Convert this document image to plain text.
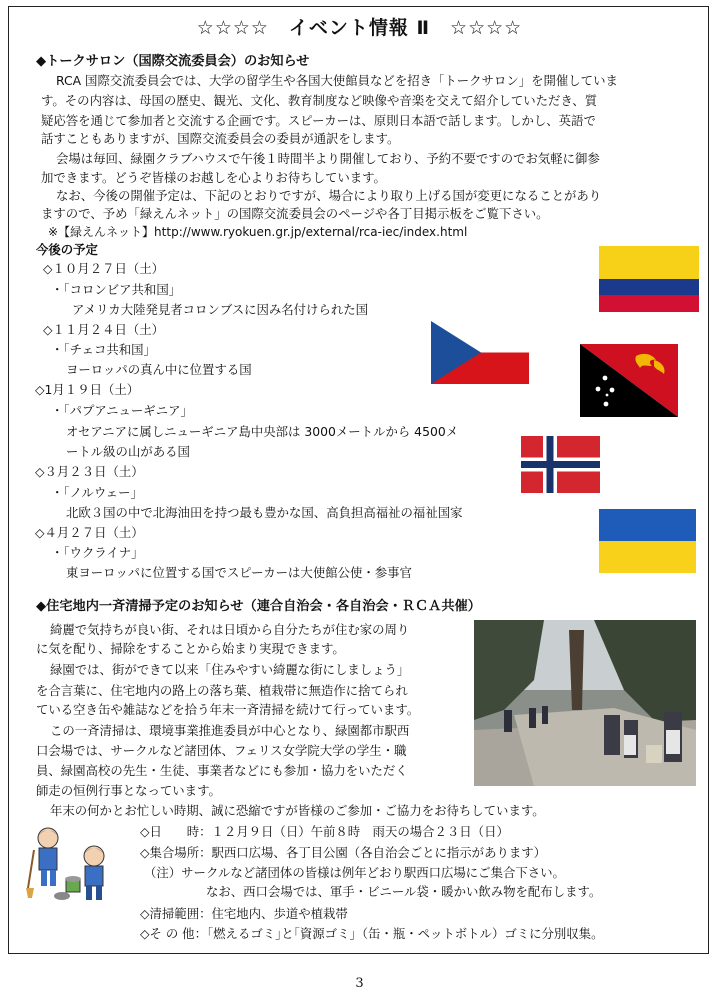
☆☆☆☆　イベント情報 Ⅱ　☆☆☆☆
◆トークサロン（国際交流委員会）のお知らせ
RCA 国際交流委員会では、大学の留学生や各国大使館員などを招き「トークサロン」を開催していま
す。その内容は、母国の歴史、観光、文化、教育制度など映像や音楽を交えて紹介していただき、質
疑応答を通じて参加者と交流する企画です。スピーカーは、原則日本語で話します。しかし、英語で
話すこともありますが、国際交流委員会の委員が通訳をします。
会場は毎回、緑園クラブハウスで午後１時間半より開催しており、予約不要ですのでお気軽に御参
加できます。どうぞ皆様のお越しを心よりお待ちしています。
なお、今後の開催予定は、下記のとおりですが、場合により取り上げる国が変更になることがあり
ますので、予め「緑えんネット」の国際交流委員会のページや各丁目掲示板をご覧下さい。
※【緑えんネット】http://www.ryokuen.gr.jp/external/rca-iec/index.html
今後の予定
◇１０月２７日（土）
・「コロンビア共和国」
アメリカ大陸発見者コロンブスに因み名付けられた国
◇１１月２４日（土）
・「チェコ共和国」
ヨーロッパの真ん中に位置する国
◇1月１９日（土）
・「パプアニューギニア」
オセアニアに属しニューギニア島中央部は 3000メートルから 4500メ
ートル級の山がある国
◇３月２３日（土）
・「ノルウェー」
北欧３国の中で北海油田を持つ最も豊かな国、高負担高福祉の福祉国家
◇４月２７日（土）
・「ウクライナ」
東ヨーロッパに位置する国でスピーカーは大使館公使・参事官
◆住宅地内一斉清掃予定のお知らせ（連合自治会・各自治会・ＲＣＡ共催）
綺麗で気持ちが良い街、それは日頃から自分たちが住む家の周り
に気を配り、掃除をすることから始まり実現できます。
緑園では、街ができて以来「住みやすい綺麗な街にしましょう」
を合言葉に、住宅地内の路上の落ち葉、植栽帯に無造作に捨てられ
ている空き缶や雑誌などを拾う年末一斉清掃を続けて行っています。
この一斉清掃は、環境事業推進委員が中心となり、緑園都市駅西
口会場では、サークルなど諸団体、フェリス女学院大学の学生・職
員、緑園高校の先生・生徒、事業者などにも参加・協力をいただく
師走の恒例行事となっています。
年末の何かとお忙しい時期、誠に恐縮ですが皆様のご参加・ご協力をお待ちしています。
◇日　　時：１２月９日（日）午前８時　雨天の場合２３日（日）
◇集合場所：駅西口広場、各丁目公園（各自治会ごとに指示があります）
（注）サークルなど諸団体の皆様は例年どおり駅西口広場にご集合下さい。
なお、西口会場では、軍手・ビニール袋・暖かい飲み物を配布します。
◇清掃範囲：住宅地内、歩道や植栽帯
◇そ の 他：｢燃えるゴミ｣と｢資源ゴミ｣（缶・瓶・ペットボトル）ゴミに分別収集。
3
